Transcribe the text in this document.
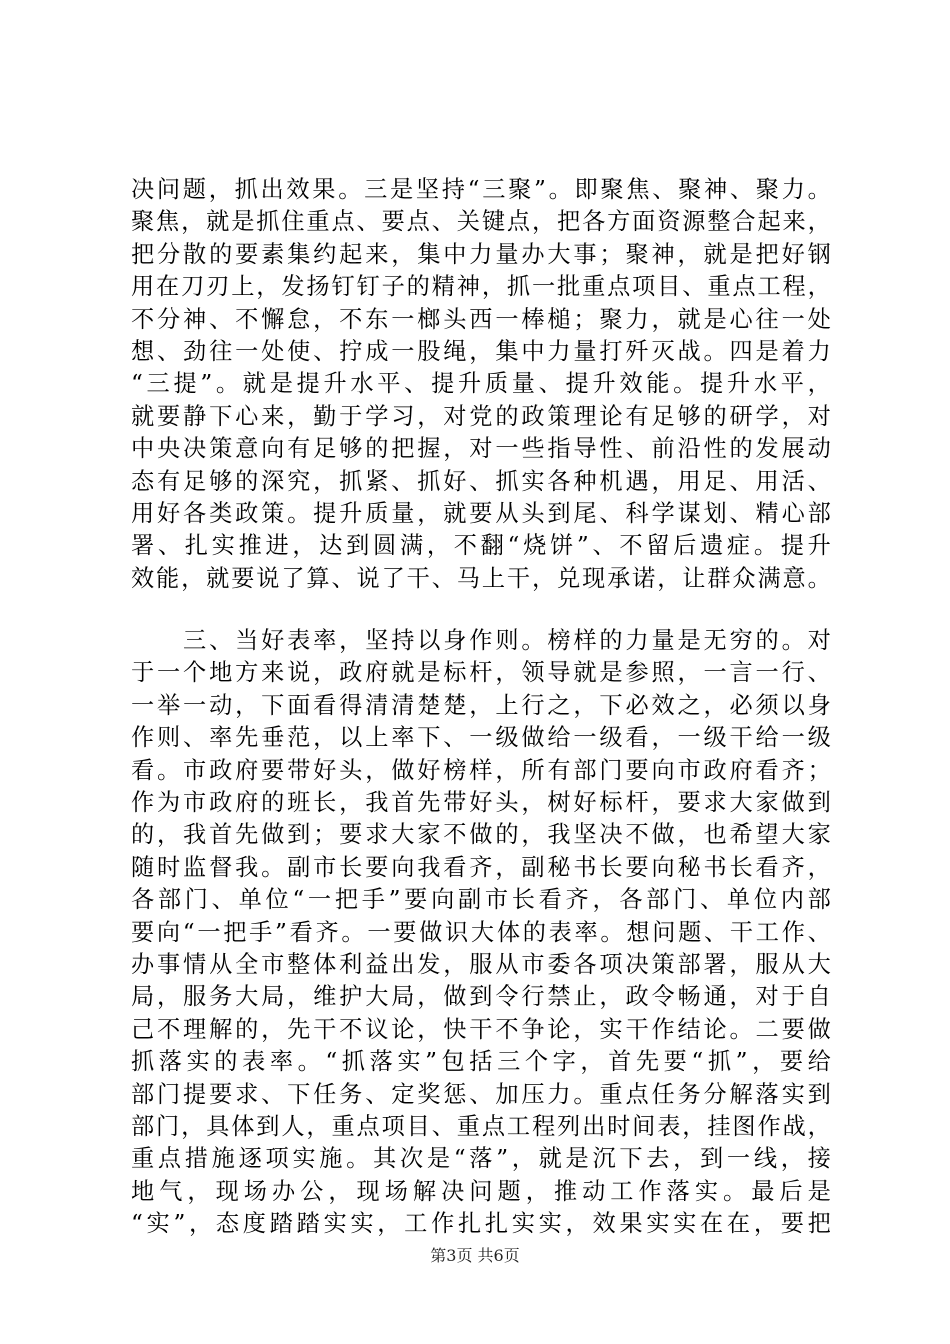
决问题，抓出效果。三是坚持“三聚”。即聚焦、聚神、聚力。
聚焦，就是抓住重点、要点、关键点，把各方面资源整合起来，
把分散的要素集约起来，集中力量办大事；聚神，就是把好钢
用在刀刃上，发扬钉钉子的精神，抓一批重点项目、重点工程，
不分神、不懈怠，不东一榔头西一棒槌；聚力，就是心往一处
想、劲往一处使、拧成一股绳，集中力量打歼灭战。四是着力
“三提”。就是提升水平、提升质量、提升效能。提升水平，
就要静下心来，勤于学习，对党的政策理论有足够的研学，对
中央决策意向有足够的把握，对一些指导性、前沿性的发展动
态有足够的深究，抓紧、抓好、抓实各种机遇，用足、用活、
用好各类政策。提升质量，就要从头到尾、科学谋划、精心部
署、扎实推进，达到圆满，不翻“烧饼”、不留后遗症。提升
效能，就要说了算、说了干、马上干，兑现承诺，让群众满意。
　　三、当好表率，坚持以身作则。榜样的力量是无穷的。对
于一个地方来说，政府就是标杆，领导就是参照，一言一行、
一举一动，下面看得清清楚楚，上行之，下必效之，必须以身
作则、率先垂范，以上率下、一级做给一级看，一级干给一级
看。市政府要带好头，做好榜样，所有部门要向市政府看齐；
作为市政府的班长，我首先带好头，树好标杆，要求大家做到
的，我首先做到；要求大家不做的，我坚决不做，也希望大家
随时监督我。副市长要向我看齐，副秘书长要向秘书长看齐，
各部门、单位“一把手”要向副市长看齐，各部门、单位内部
要向“一把手”看齐。一要做识大体的表率。想问题、干工作、
办事情从全市整体利益出发，服从市委各项决策部署，服从大
局，服务大局，维护大局，做到令行禁止，政令畅通，对于自
己不理解的，先干不议论，快干不争论，实干作结论。二要做
抓落实的表率。“抓落实”包括三个字，首先要“抓”，要给
部门提要求、下任务、定奖惩、加压力。重点任务分解落实到
部门，具体到人，重点项目、重点工程列出时间表，挂图作战，
重点措施逐项实施。其次是“落”，就是沉下去，到一线，接
地气，现场办公，现场解决问题，推动工作落实。最后是
“实”，态度踏踏实实，工作扎扎实实，效果实实在在，要把
第3页 共6页
